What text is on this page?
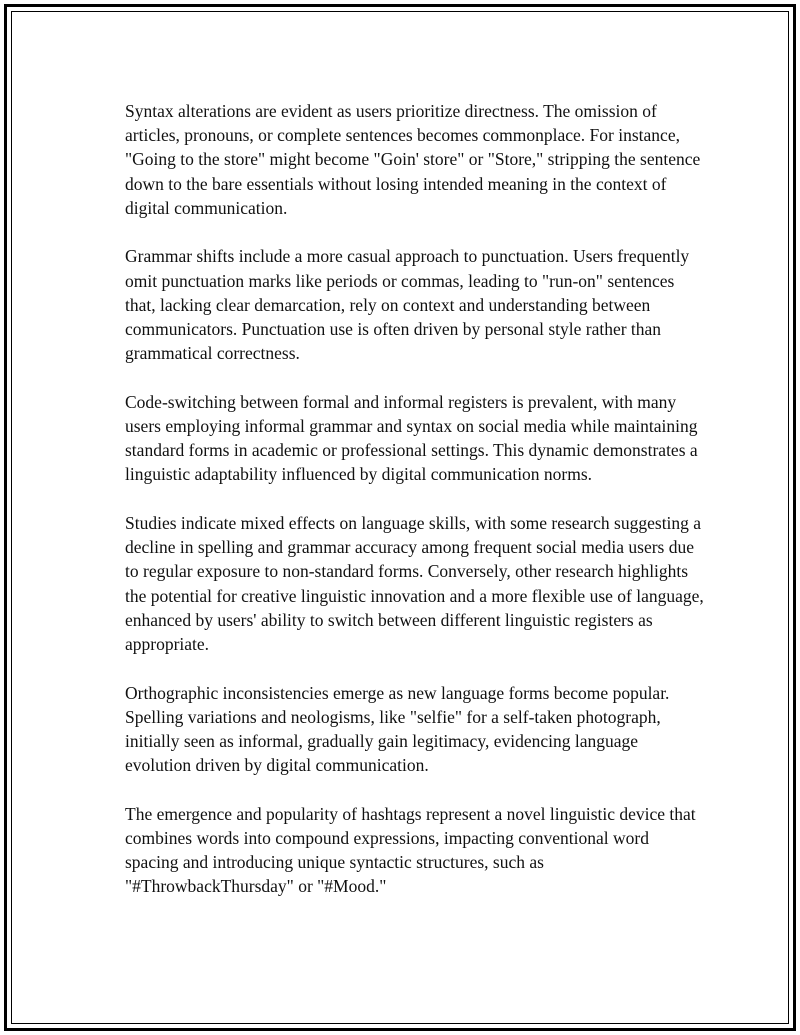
Syntax alterations are evident as users prioritize directness. The omission of articles, pronouns, or complete sentences becomes commonplace. For instance, "Going to the store" might become "Goin' store" or "Store," stripping the sentence down to the bare essentials without losing intended meaning in the context of digital communication.

Grammar shifts include a more casual approach to punctuation. Users frequently omit punctuation marks like periods or commas, leading to "run-on" sentences that, lacking clear demarcation, rely on context and understanding between communicators. Punctuation use is often driven by personal style rather than grammatical correctness.

Code-switching between formal and informal registers is prevalent, with many users employing informal grammar and syntax on social media while maintaining standard forms in academic or professional settings. This dynamic demonstrates a linguistic adaptability influenced by digital communication norms.

Studies indicate mixed effects on language skills, with some research suggesting a decline in spelling and grammar accuracy among frequent social media users due to regular exposure to non-standard forms. Conversely, other research highlights the potential for creative linguistic innovation and a more flexible use of language, enhanced by users' ability to switch between different linguistic registers as appropriate.

Orthographic inconsistencies emerge as new language forms become popular. Spelling variations and neologisms, like "selfie" for a self-taken photograph, initially seen as informal, gradually gain legitimacy, evidencing language evolution driven by digital communication.

The emergence and popularity of hashtags represent a novel linguistic device that combines words into compound expressions, impacting conventional word spacing and introducing unique syntactic structures, such as "#ThrowbackThursday" or "#Mood."
